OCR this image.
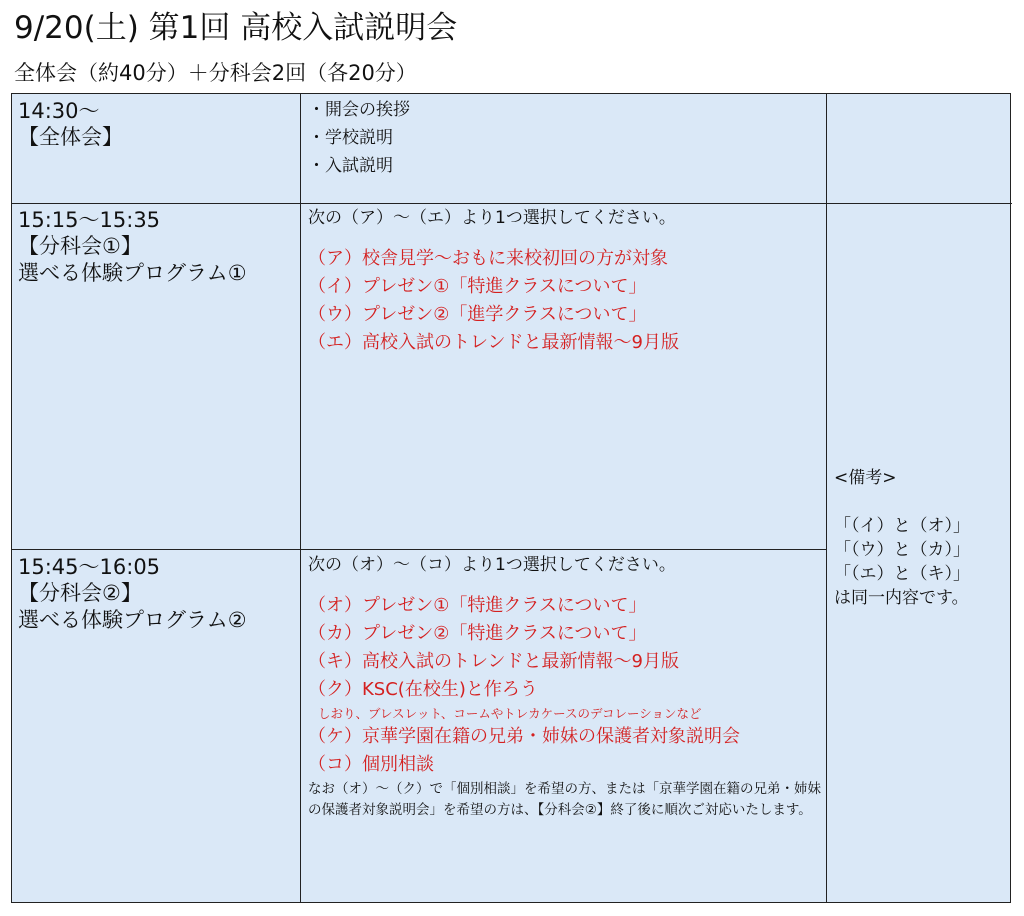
9/20(土) 第1回 高校入試説明会
全体会（約40分）＋分科会2回（各20分）
14:30～
【全体会】
・開会の挨拶
・学校説明
・入試説明
15:15～15:35
【分科会①】
選べる体験プログラム①
次の（ア）～（エ）より1つ選択してください。
（ア）校舎見学～おもに来校初回の方が対象
（イ）プレゼン①「特進クラスについて」
（ウ）プレゼン②「進学クラスについて」
（エ）高校入試のトレンドと最新情報～9月版
15:45～16:05
【分科会②】
選べる体験プログラム②
次の（オ）～（コ）より1つ選択してください。
（オ）プレゼン①「特進クラスについて」
（カ）プレゼン②「特進クラスについて」
（キ）高校入試のトレンドと最新情報～9月版
（ク）KSC(在校生)と作ろう
しおり、ブレスレット、コームやトレカケースのデコレーションなど
（ケ）京華学園在籍の兄弟・姉妹の保護者対象説明会
（コ）個別相談
なお（オ）～（ク）で「個別相談」を希望の方、または「京華学園在籍の兄弟・姉妹の保護者対象説明会」を希望の方は、【分科会②】終了後に順次ご対応いたします。
<備考>
「（イ）と（オ）」
「（ウ）と（カ）」
「（エ）と（キ）」
は同一内容です。
